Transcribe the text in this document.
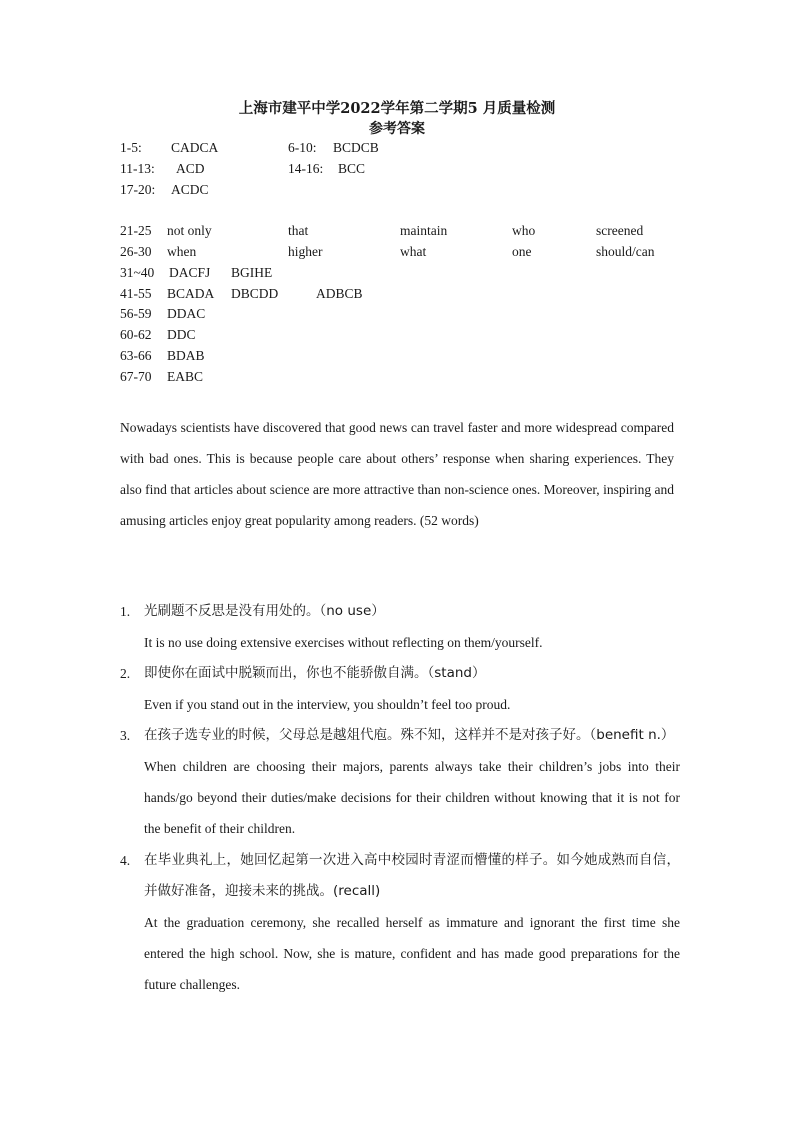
上海市建平中学2022学年第二学期5 月质量检测
参考答案
1-5: CADCA	6-10: BCDCB
11-13: ACD	14-16: BCC
17-20: ACDC
21-25 not only	that	maintain	who	screened
26-30 when	higher	what	one	should/can
31~40 DACFJ BGIHE
41-55 BCADA DBCDD	ADBCB
56-59 DDAC
60-62 DDC
63-66 BDAB
67-70 EABC
Nowadays scientists have discovered that good news can travel faster and more widespread compared with bad ones. This is because people care about others’ response when sharing experiences. They also find that articles about science are more attractive than non-science ones. Moreover, inspiring and amusing articles enjoy great popularity among readers. (52 words)
1. 光刷题不反思是没有用处的。（no use）
It is no use doing extensive exercises without reflecting on them/yourself.
2. 即使你在面试中脱颖而出，你也不能骄傲自满。（stand）
Even if you stand out in the interview, you shouldn’t feel too proud.
3. 在孩子选专业的时候，父母总是越俎代庖。殊不知，这样并不是对孩子好。（benefit n.）
When children are choosing their majors, parents always take their children’s jobs into their hands/go beyond their duties/make decisions for their children without knowing that it is not for the benefit of their children.
4. 在毕业典礼上，她回忆起第一次进入高中校园时青涩而懵懂的样子。如今她成熟而自信，并做好准备，迎接未来的挑战。(recall)
At the graduation ceremony, she recalled herself as immature and ignorant the first time she entered the high school. Now, she is mature, confident and has made good preparations for the future challenges.
